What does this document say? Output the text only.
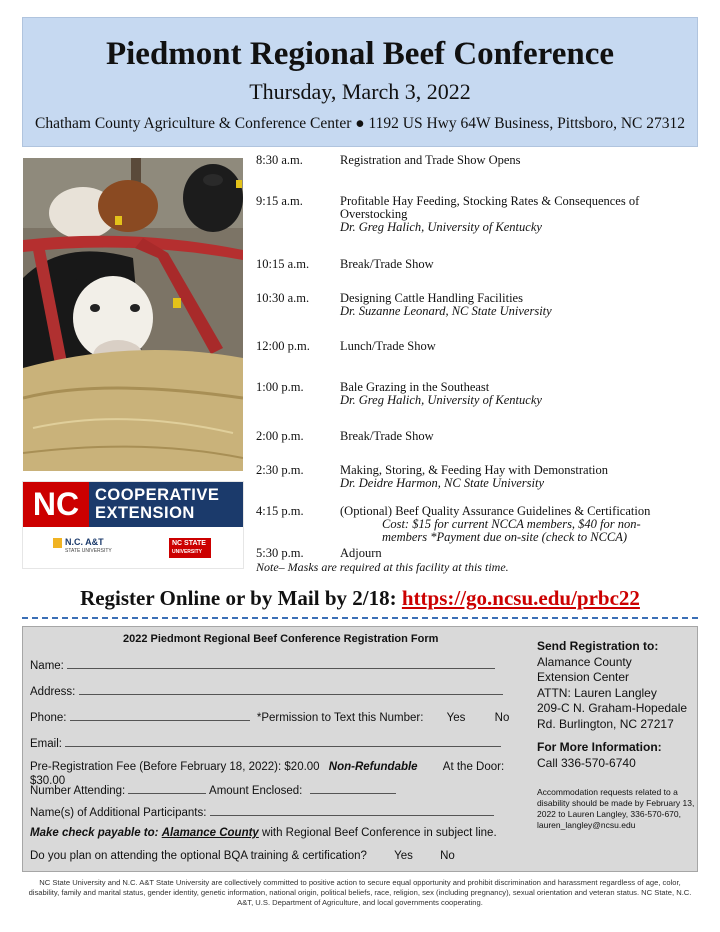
Piedmont Regional Beef Conference
Thursday, March 3, 2022
Chatham County Agriculture & Conference Center ● 1192 US Hwy 64W Business, Pittsboro, NC 27312
NC COOPERATIVE
EXTENSION
N.C. A&T
STATE UNIVERSITY
NC STATE
UNIVERSITY
8:30 a.m.	Registration and Trade Show Opens
9:15 a.m.	Profitable Hay Feeding, Stocking Rates & Consequences of Overstocking
Dr. Greg Halich, University of Kentucky
10:15 a.m.	Break/Trade Show
10:30 a.m.	Designing Cattle Handling Facilities
Dr. Suzanne Leonard, NC State University
12:00 p.m.	Lunch/Trade Show
1:00 p.m.	Bale Grazing in the Southeast
Dr. Greg Halich, University of Kentucky
2:00 p.m.	Break/Trade Show
2:30 p.m.	Making, Storing, & Feeding Hay with Demonstration
Dr. Deidre Harmon, NC State University
4:15 p.m.	(Optional) Beef Quality Assurance Guidelines & Certification
Cost: $15 for current NCCA members, $40 for non-members *Payment due on-site (check to NCCA)
5:30 p.m.	Adjourn
Note– Masks are required at this facility at this time.
Register Online or by Mail by 2/18: https://go.ncsu.edu/prbc22
2022 Piedmont Regional Beef Conference Registration Form
Name:
Address:
Phone:	*Permission to Text this Number: Yes	No
Email:
Pre-Registration Fee (Before February 18, 2022): $20.00 Non-Refundable At the Door: $30.00
Number Attending:	Amount Enclosed:
Name(s) of Additional Participants:
Make check payable to: Alamance County with Regional Beef Conference in subject line.
Do you plan on attending the optional BQA training & certification? Yes No
Send Registration to:
Alamance County
Extension Center
ATTN: Lauren Langley
209-C N. Graham-Hopedale
Rd. Burlington, NC 27217
For More Information:
Call 336-570-6740
Accommodation requests related to a disability should be made by February 13, 2022 to Lauren Langley, 336-570-670, lauren_langley@ncsu.edu
NC State University and N.C. A&T State University are collectively committed to positive action to secure equal opportunity and prohibit discrimination and harassment regardless of age, color, disability, family and marital status, gender identity, genetic information, national origin, political beliefs, race, religion, sex (including pregnancy), sexual orientation and veteran status. NC State, N.C. A&T, U.S. Department of Agriculture, and local governments cooperating.
